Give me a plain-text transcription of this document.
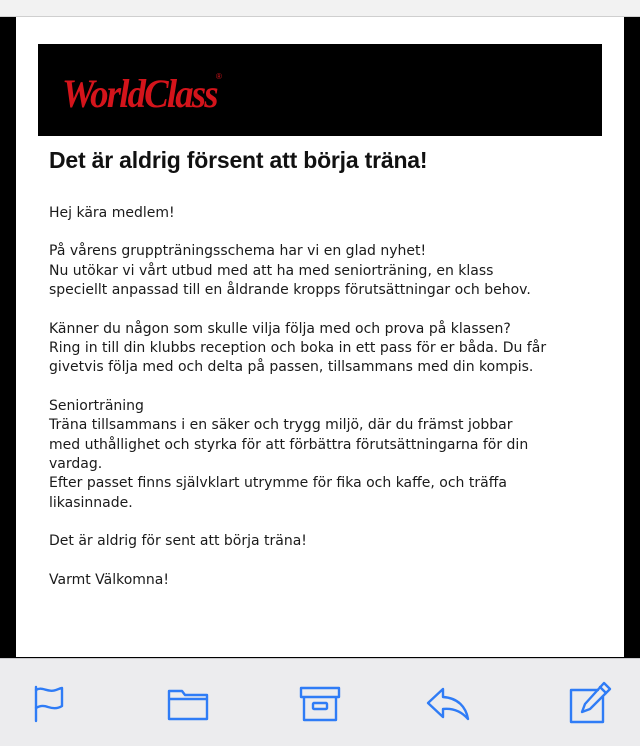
WorldClass ®
Det är aldrig försent att börja träna!

Hej kära medlem!

På vårens gruppträningsschema har vi en glad nyhet!
Nu utökar vi vårt utbud med att ha med seniorträning, en klass
speciellt anpassad till en åldrande kropps förutsättningar och behov.

Känner du någon som skulle vilja följa med och prova på klassen?
Ring in till din klubbs reception och boka in ett pass för er båda. Du får
givetvis följa med och delta på passen, tillsammans med din kompis.

Seniorträning
Träna tillsammans i en säker och trygg miljö, där du främst jobbar
med uthållighet och styrka för att förbättra förutsättningarna för din
vardag.
Efter passet finns självklart utrymme för fika och kaffe, och träffa
likasinnade.

Det är aldrig för sent att börja träna!

Varmt Välkomna!
